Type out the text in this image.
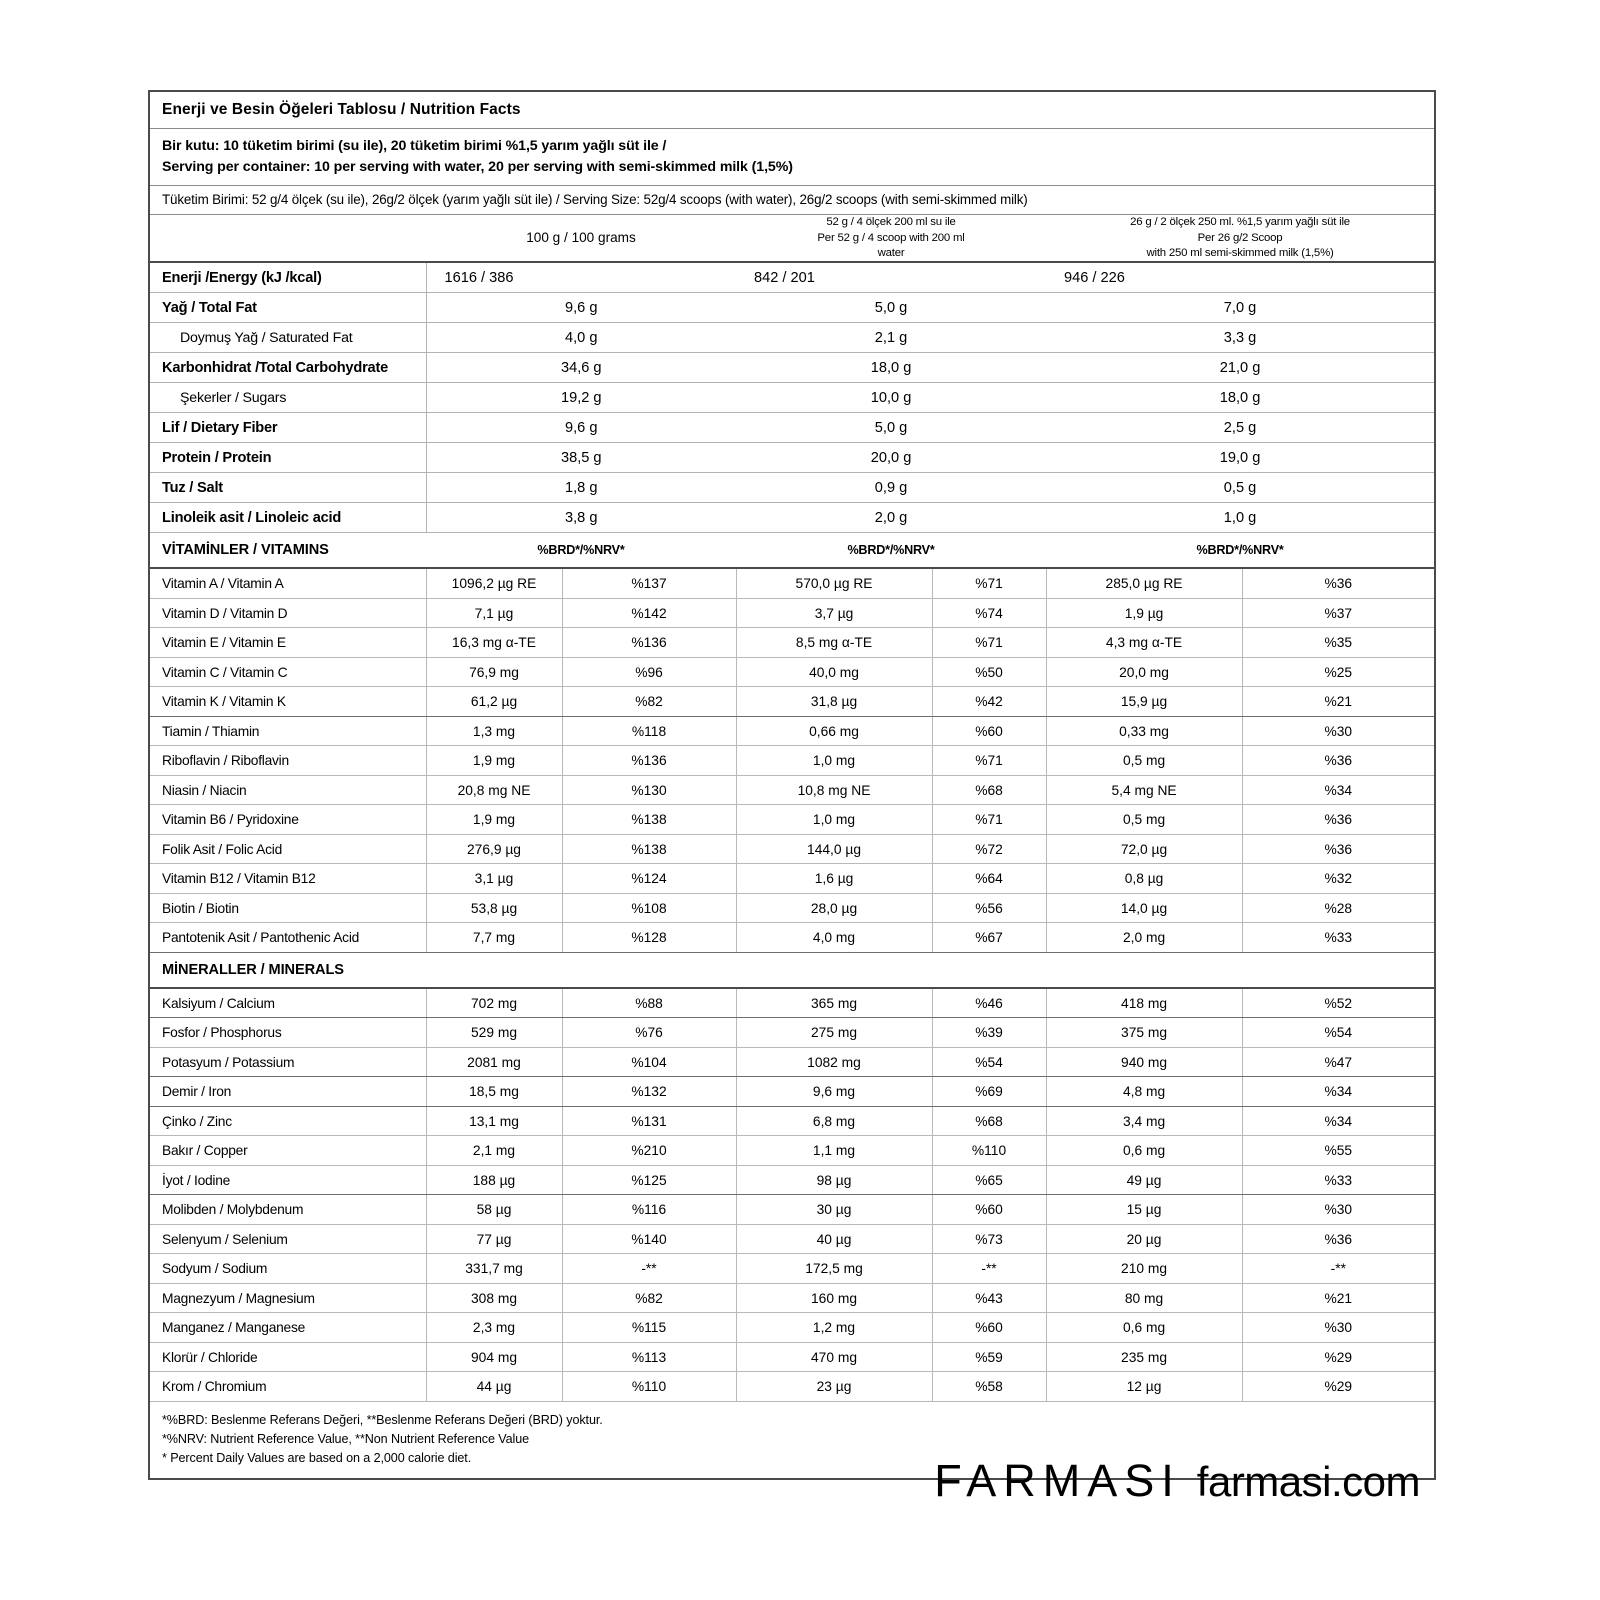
Enerji ve Besin Öğeleri Tablosu / Nutrition Facts
Bir kutu: 10 tüketim birimi (su ile), 20 tüketim birimi %1,5 yarım yağlı süt ile /
Serving per container: 10 per serving with water, 20 per serving with semi-skimmed milk (1,5%)
Tüketim Birimi: 52 g/4 ölçek (su ile), 26g/2 ölçek (yarım yağlı süt ile) / Serving Size: 52g/4 scoops (with water), 26g/2 scoops (with semi-skimmed milk)
	100 g / 100 grams	
52 g / 4 ölçek 200 ml su ile
Per 52 g / 4 scoop with 200 ml
water

26 g / 2 ölçek 250 ml. %1,5 yarım yağlı süt ile
Per 26 g/2 Scoop
with 250 ml semi-skimmed milk (1,5%)

Enerji /Energy (kJ /kcal)	1616 / 386		842 / 201		946 / 226	
Yağ / Total Fat	9,6 g		5,0 g		7,0 g	
Doymuş Yağ / Saturated Fat	4,0 g		2,1 g		3,3 g	
Karbonhidrat /Total Carbohydrate	34,6 g		18,0 g		21,0 g	
Şekerler / Sugars	19,2 g		10,0 g		18,0 g	
Lif / Dietary Fiber	9,6 g		5,0 g		2,5 g	
Protein / Protein	38,5 g		20,0 g		19,0 g	
Tuz / Salt	1,8 g		0,9 g		0,5 g	
Linoleik asit / Linoleic acid	3,8 g		2,0 g		1,0 g	
VİTAMİNLER / VITAMINS	%BRD*/%NRV*		%BRD*/%NRV*		%BRD*/%NRV*	
Vitamin A / Vitamin A	1096,2 µg RE	%137	570,0 µg RE	%71	285,0 µg RE	%36
Vitamin D / Vitamin D	7,1 µg	%142	3,7 µg	%74	1,9 µg	%37
Vitamin E / Vitamin E	16,3 mg α-TE	%136	8,5 mg α-TE	%71	4,3 mg α-TE	%35
Vitamin C / Vitamin C	76,9 mg	%96	40,0 mg	%50	20,0 mg	%25
Vitamin K / Vitamin K	61,2 µg	%82	31,8 µg	%42	15,9 µg	%21
Tiamin / Thiamin	1,3 mg	%118	0,66 mg	%60	0,33 mg	%30
Riboflavin / Riboflavin	1,9 mg	%136	1,0 mg	%71	0,5 mg	%36
Niasin / Niacin	20,8 mg NE	%130	10,8 mg NE	%68	5,4 mg NE	%34
Vitamin B6 / Pyridoxine	1,9 mg	%138	1,0 mg	%71	0,5 mg	%36
Folik Asit / Folic Acid	276,9 µg	%138	144,0 µg	%72	72,0 µg	%36
Vitamin B12 / Vitamin B12	3,1 µg	%124	1,6 µg	%64	0,8 µg	%32
Biotin / Biotin	53,8 µg	%108	28,0 µg	%56	14,0 µg	%28
Pantotenik Asit / Pantothenic Acid	7,7 mg	%128	4,0 mg	%67	2,0 mg	%33
MİNERALLER / MINERALS						
Kalsiyum / Calcium	702 mg	%88	365 mg	%46	418 mg	%52
Fosfor / Phosphorus	529 mg	%76	275 mg	%39	375 mg	%54
Potasyum / Potassium	2081 mg	%104	1082 mg	%54	940 mg	%47
Demir / Iron	18,5 mg	%132	9,6 mg	%69	4,8 mg	%34
Çinko / Zinc	13,1 mg	%131	6,8 mg	%68	3,4 mg	%34
Bakır / Copper	2,1 mg	%210	1,1 mg	%110	0,6 mg	%55
İyot / Iodine	188 µg	%125	98 µg	%65	49 µg	%33
Molibden / Molybdenum	58 µg	%116	30 µg	%60	15 µg	%30
Selenyum / Selenium	77 µg	%140	40 µg	%73	20 µg	%36
Sodyum / Sodium	331,7 mg	-**	172,5 mg	-**	210 mg	-**
Magnezyum / Magnesium	308 mg	%82	160 mg	%43	80 mg	%21
Manganez / Manganese	2,3 mg	%115	1,2 mg	%60	0,6 mg	%30
Klorür / Chloride	904 mg	%113	470 mg	%59	235 mg	%29
Krom / Chromium	44 µg	%110	23 µg	%58	12 µg	%29
*%BRD: Beslenme Referans Değeri, **Beslenme Referans Değeri (BRD) yoktur.
*%NRV: Nutrient Reference Value, **Non Nutrient Reference Value
* Percent Daily Values are based on a 2,000 calorie diet.	FARMASI farmasi.com
